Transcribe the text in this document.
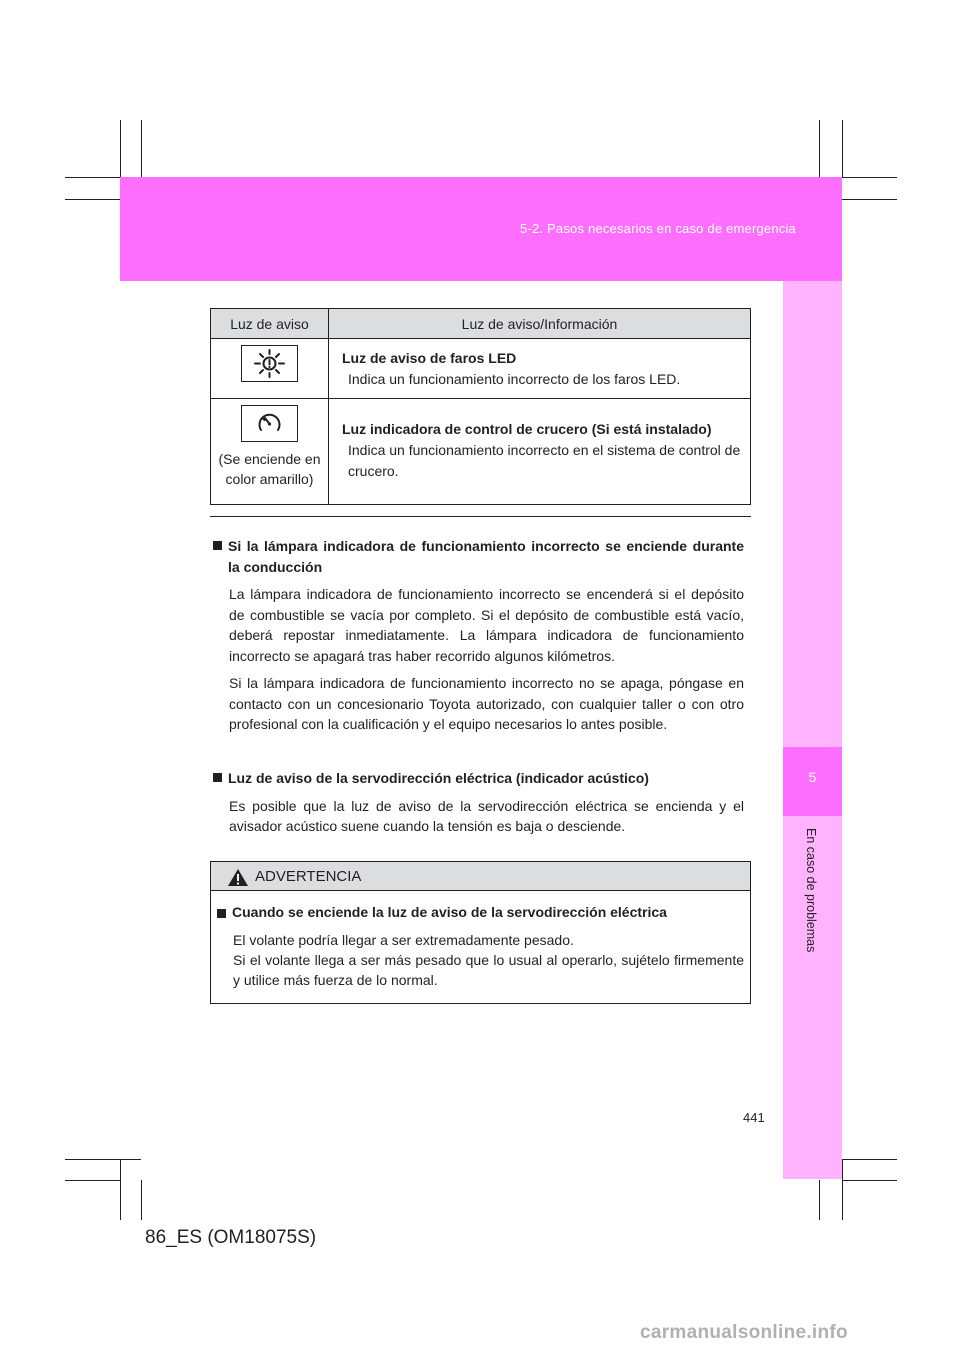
5-2. Pasos necesarios en caso de emergencia
5
En caso de problemas
Luz de aviso	Luz de aviso/Información

Luz de aviso de faros LED
Indica un funcionamiento incorrecto de los faros LED.

(Se enciende en color amarillo)	Luz indicadora de control de crucero (Si está instalado)
Indica un funcionamiento incorrecto en el sistema de control de crucero.
Si la lámpara indicadora de funcionamiento incorrecto se enciende durante la conducción
La lámpara indicadora de funcionamiento incorrecto se encenderá si el depósito de combustible se vacía por completo. Si el depósito de combustible está vacío, deberá repostar inmediatamente. La lámpara indicadora de funcionamiento incorrecto se apagará tras haber recorrido algunos kilómetros.
Si la lámpara indicadora de funcionamiento incorrecto no se apaga, póngase en contacto con un concesionario Toyota autorizado, con cualquier taller o con otro profesional con la cualificación y el equipo necesarios lo antes posible.
Luz de aviso de la servodirección eléctrica (indicador acústico)
Es posible que la luz de aviso de la servodirección eléctrica se encienda y el avisador acústico suene cuando la tensión es baja o desciende.
ADVERTENCIA
Cuando se enciende la luz de aviso de la servodirección eléctrica
El volante podría llegar a ser extremadamente pesado.
Si el volante llega a ser más pesado que lo usual al operarlo, sujételo firmemente y utilice más fuerza de lo normal.
441
86_ES (OM18075S)
carmanualsonline.info
